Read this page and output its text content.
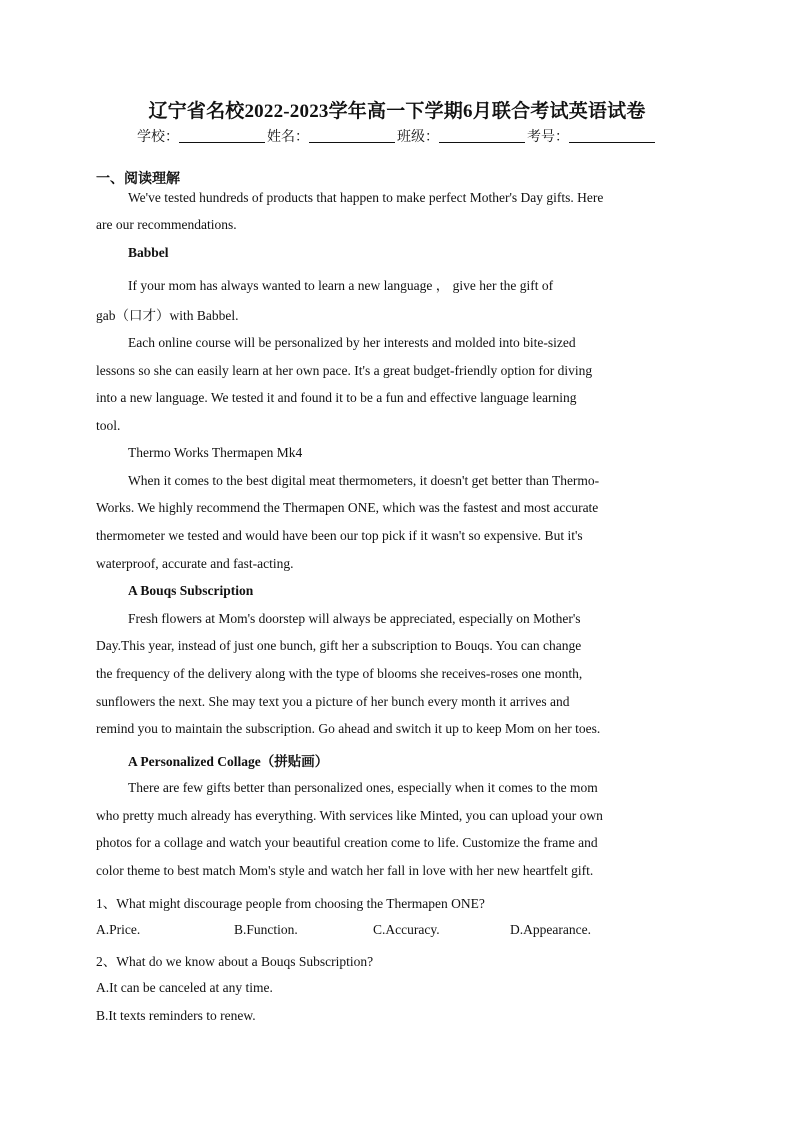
辽宁省名校2022-2023学年高一下学期6月联合考试英语试卷
学校：	姓名：	班级：	考号：
一、阅读理解
We've tested hundreds of products that happen to make perfect Mother's Day gifts. Here
are our recommendations.
Babbel
If your mom has always wanted to learn a new language ， give her the gift of
gab（口才）with Babbel.
Each online course will be personalized by her interests and molded into bite-sized
lessons so she can easily learn at her own pace. It's a great budget-friendly option for diving
into a new language. We tested it and found it to be a fun and effective language learning
tool.
Thermo Works Thermapen Mk4
When it comes to the best digital meat thermometers, it doesn't get better than Thermo-
Works. We highly recommend the Thermapen ONE, which was the fastest and most accurate
thermometer we tested and would have been our top pick if it wasn't so expensive. But it's
waterproof, accurate and fast-acting.
A Bouqs Subscription
Fresh flowers at Mom's doorstep will always be appreciated, especially on Mother's
Day.This year, instead of just one bunch, gift her a subscription to Bouqs. You can change
the frequency of the delivery along with the type of blooms she receives-roses one month,
sunflowers the next. She may text you a picture of her bunch every month it arrives and
remind you to maintain the subscription. Go ahead and switch it up to keep Mom on her toes.
A Personalized Collage（拼贴画）
There are few gifts better than personalized ones, especially when it comes to the mom
who pretty much already has everything. With services like Minted, you can upload your own
photos for a collage and watch your beautiful creation come to life. Customize the frame and
color theme to best match Mom's style and watch her fall in love with her new heartfelt gift.
1、What might discourage people from choosing the Thermapen ONE?
A.Price.	B.Function.	C.Accuracy.	D.Appearance.
2、What do we know about a Bouqs Subscription?
A.It can be canceled at any time.
B.It texts reminders to renew.
